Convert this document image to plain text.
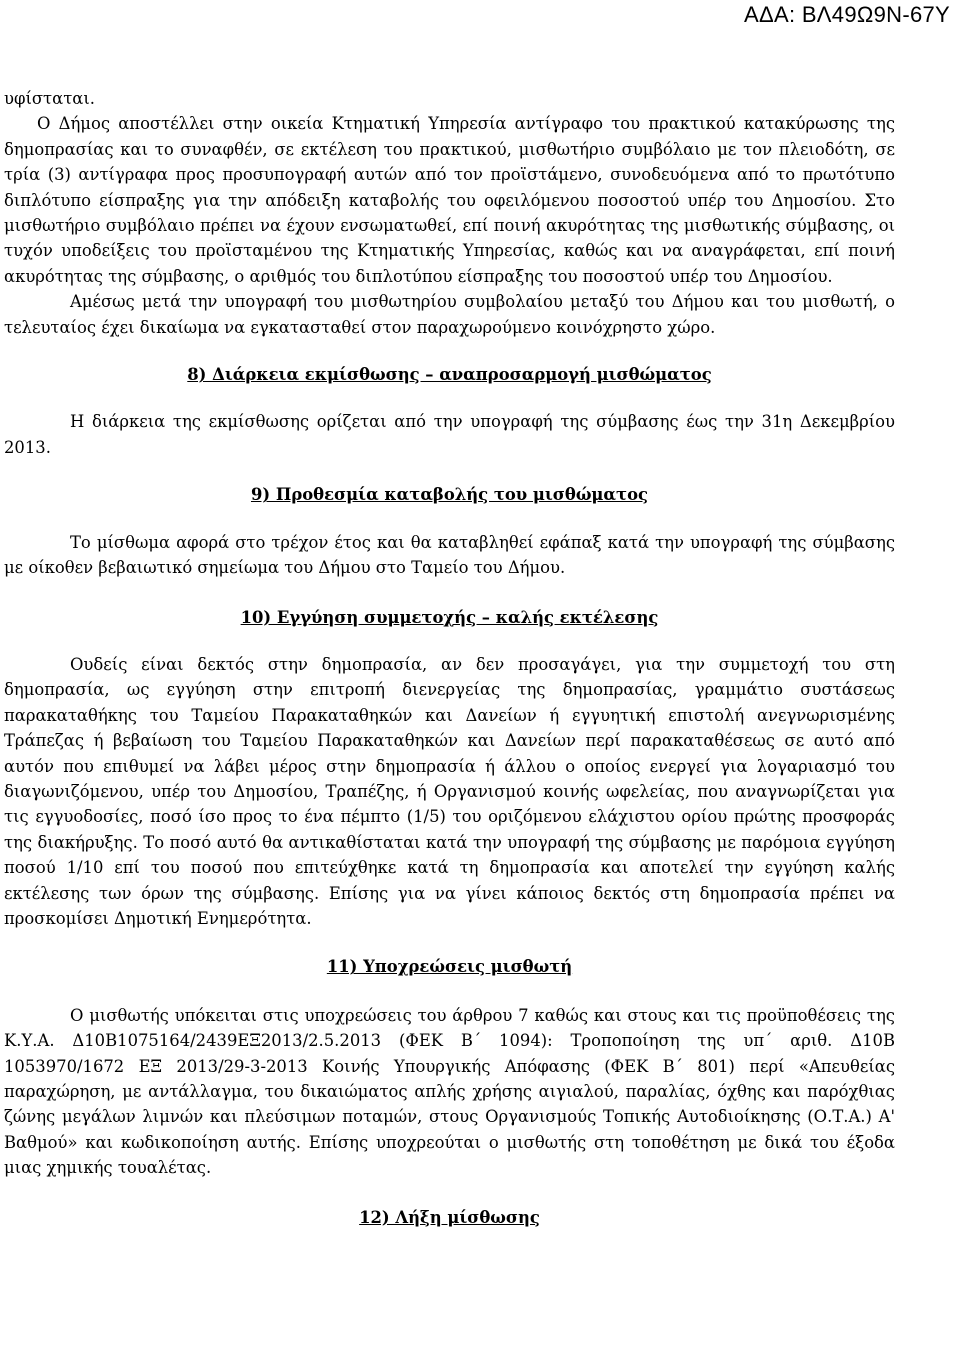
ΑΔΑ: ΒΛ49Ω9Ν-67Υ

υφίσταται.
Ο Δήμος αποστέλλει στην οικεία Κτηματική Υπηρεσία αντίγραφο του πρακτικού κατακύρωσης της δημοπρασίας και το συναφθέν, σε εκτέλεση του πρακτικού, μισθωτήριο συμβόλαιο με τον πλειοδότη, σε τρία (3) αντίγραφα προς προσυπογραφή αυτών από τον προϊστάμενο, συνοδευόμενα από το πρωτότυπο διπλότυπο είσπραξης για την απόδειξη καταβολής του οφειλόμενου ποσοστού υπέρ του Δημοσίου. Στο μισθωτήριο συμβόλαιο πρέπει να έχουν ενσωματωθεί, επί ποινή ακυρότητας της μισθωτικής σύμβασης, οι τυχόν υποδείξεις του προϊσταμένου της Κτηματικής Υπηρεσίας, καθώς και να αναγράφεται, επί ποινή ακυρότητας της σύμβασης, ο αριθμός του διπλοτύπου είσπραξης του ποσοστού υπέρ του Δημοσίου.

Αμέσως μετά την υπογραφή του μισθωτηρίου συμβολαίου μεταξύ του Δήμου και του μισθωτή, ο τελευταίος έχει δικαίωμα να εγκατασταθεί στον παραχωρούμενο κοινόχρηστο χώρο.

8) Διάρκεια εκμίσθωσης – αναπροσαρμογή μισθώματος

Η διάρκεια της εκμίσθωσης ορίζεται από την υπογραφή της σύμβασης έως την 31η Δεκεμβρίου 2013.

9) Προθεσμία καταβολής του μισθώματος

Το μίσθωμα αφορά στο τρέχον έτος και θα καταβληθεί εφάπαξ κατά την υπογραφή της σύμβασης με οίκοθεν βεβαιωτικό σημείωμα του Δήμου στο Ταμείο του Δήμου.

10) Εγγύηση συμμετοχής – καλής εκτέλεσης

Ουδείς είναι δεκτός στην δημοπρασία, αν δεν προσαγάγει, για την συμμετοχή του στη δημοπρασία, ως εγγύηση στην επιτροπή διενεργείας της δημοπρασίας, γραμμάτιο συστάσεως παρακαταθήκης του Ταμείου Παρακαταθηκών και Δανείων ή εγγυητική επιστολή ανεγνωρισμένης Τράπεζας ή βεβαίωση του Ταμείου Παρακαταθηκών και Δανείων περί παρακαταθέσεως σε αυτό από αυτόν που επιθυμεί να λάβει μέρος στην δημοπρασία ή άλλου ο οποίος ενεργεί για λογαριασμό του διαγωνιζόμενου, υπέρ του Δημοσίου, Τραπέζης, ή Οργανισμού κοινής ωφελείας, που αναγνωρίζεται για τις εγγυοδοσίες, ποσό ίσο προς το ένα πέμπτο (1/5) του οριζόμενου ελάχιστου ορίου πρώτης προσφοράς της διακήρυξης. Το ποσό αυτό θα αντικαθίσταται κατά την υπογραφή της σύμβασης με παρόμοια εγγύηση ποσού 1/10 επί του ποσού που επιτεύχθηκε κατά τη δημοπρασία και αποτελεί την εγγύηση καλής εκτέλεσης των όρων της σύμβασης. Επίσης για να γίνει κάποιος δεκτός στη δημοπρασία πρέπει να προσκομίσει Δημοτική Ενημερότητα.

11) Υποχρεώσεις μισθωτή

Ο μισθωτής υπόκειται στις υποχρεώσεις του άρθρου 7 καθώς και στους και τις προϋποθέσεις της Κ.Υ.Α. Δ10Β1075164/2439ΕΞ2013/2.5.2013 (ΦΕΚ Β΄ 1094): Τροποποίηση της υπ΄ αριθ. Δ10Β 1053970/1672 ΕΞ 2013/29-3-2013 Κοινής Υπουργικής Απόφασης (ΦΕΚ Β΄ 801) περί «Απευθείας παραχώρηση, με αντάλλαγμα, του δικαιώματος απλής χρήσης αιγιαλού, παραλίας, όχθης και παρόχθιας ζώνης μεγάλων λιμνών και πλεύσιμων ποταμών, στους Οργανισμούς Τοπικής Αυτοδιοίκησης (Ο.Τ.Α.) Α' Βαθμού» και κωδικοποίηση αυτής. Επίσης υποχρεούται ο μισθωτής στη τοποθέτηση με δικά του έξοδα μιας χημικής τουαλέτας.

12) Λήξη μίσθωσης
